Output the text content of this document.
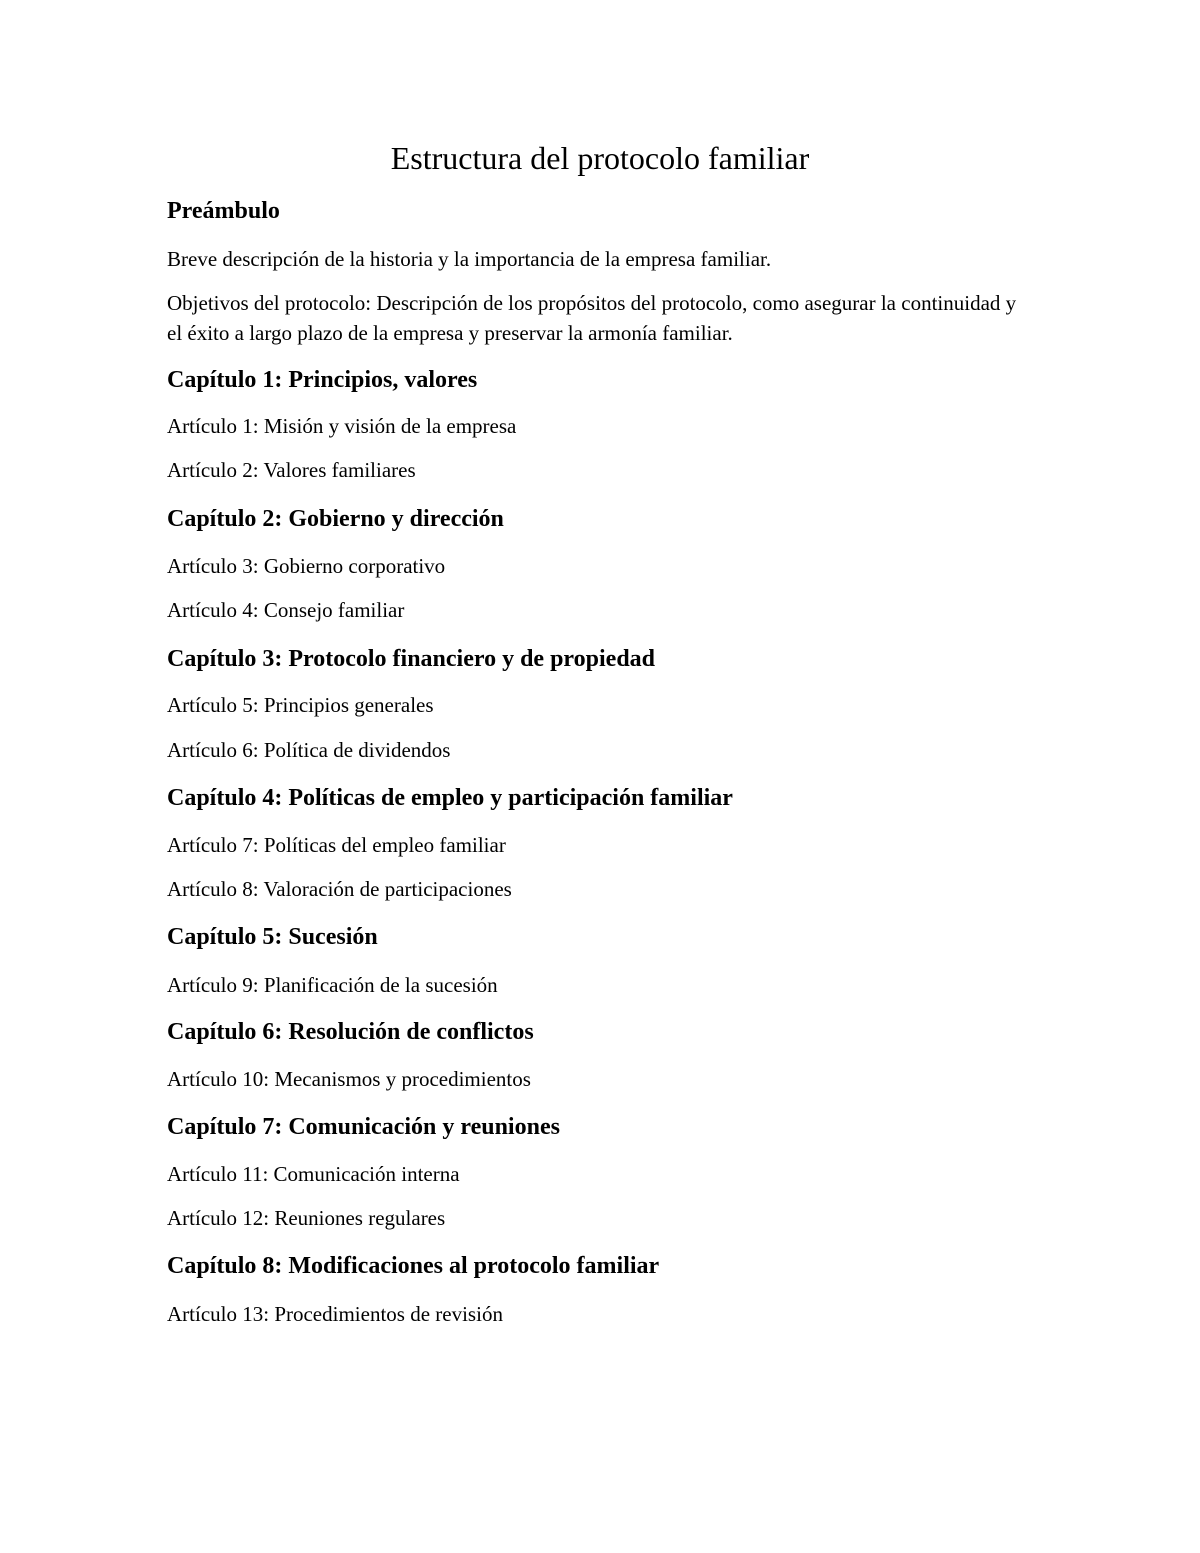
Estructura del protocolo familiar
Preámbulo

Breve descripción de la historia y la importancia de la empresa familiar.

Objetivos del protocolo: Descripción de los propósitos del protocolo, como asegurar la continuidad y el éxito a largo plazo de la empresa y preservar la armonía familiar.

Capítulo 1: Principios, valores

Artículo 1: Misión y visión de la empresa

Artículo 2: Valores familiares

Capítulo 2: Gobierno y dirección

Artículo 3: Gobierno corporativo

Artículo 4: Consejo familiar

Capítulo 3: Protocolo financiero y de propiedad

Artículo 5: Principios generales

Artículo 6: Política de dividendos

Capítulo 4: Políticas de empleo y participación familiar

Artículo 7: Políticas del empleo familiar

Artículo 8: Valoración de participaciones

Capítulo 5: Sucesión

Artículo 9: Planificación de la sucesión

Capítulo 6: Resolución de conflictos

Artículo 10: Mecanismos y procedimientos

Capítulo 7: Comunicación y reuniones

Artículo 11: Comunicación interna

Artículo 12: Reuniones regulares

Capítulo 8: Modificaciones al protocolo familiar

Artículo 13: Procedimientos de revisión
